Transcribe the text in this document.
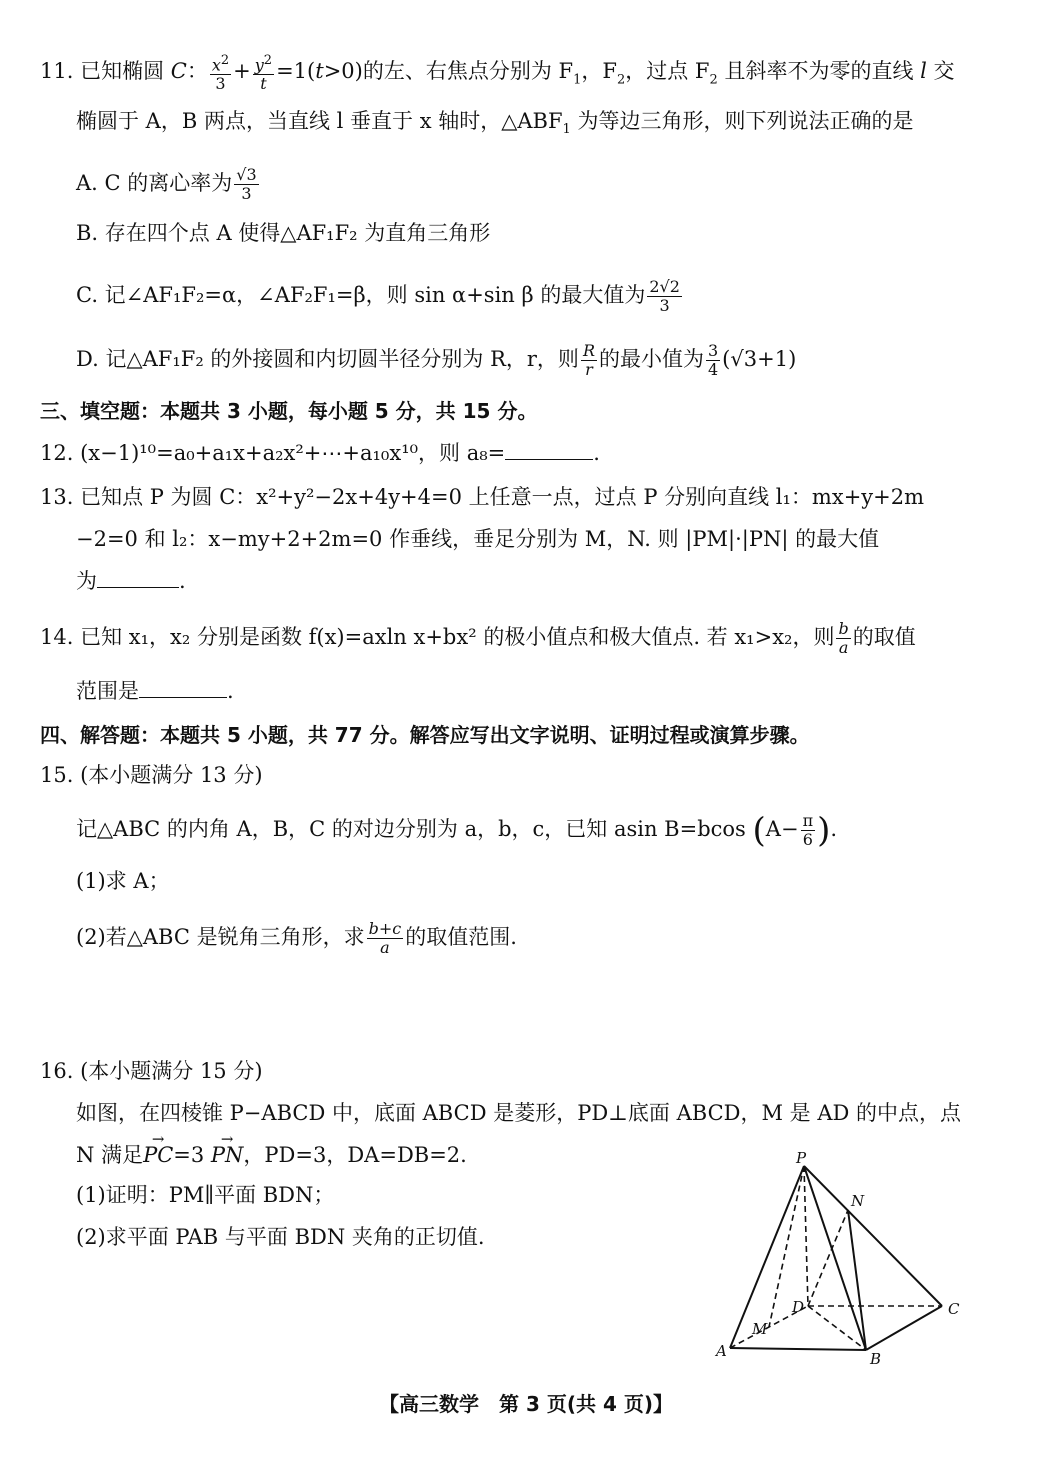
11. 已知椭圆 C： $\frac{x^2}{3} + \frac{y^2}{t} =1(t>0)$的左、右焦点分别为 $F_1$，$F_2$，过点 $F_2$ 且斜率不为零的直线 l 交
椭圆于 A，B 两点，当直线 l 垂直于 x 轴时，$\triangle ABF_1$ 为等边三角形，则下列说法正确的是
A. C 的离心率为 $\frac{√3}{3}$
B. 存在四个点 A 使得△AF₁F₂ 为直角三角形
C. 记∠AF₁F₂=α，∠AF₂F₁=β，则 sin α+sin β 的最大值为 $\frac{2√2}{3}$
D. 记△AF₁F₂ 的外接圆和内切圆半径分别为 R，r，则 $\frac{R}{r}$ 的最小值为 $\frac{3}{4} (√3+1)$
三、填空题：本题共 3 小题，每小题 5 分，共 15 分。
12. (x−1)¹⁰=a₀+a₁x+a₂x²+⋯+a₁₀x¹⁰，则 a₈=	.
13. 已知点 P 为圆 C：x²+y²−2x+4y+4=0 上任意一点，过点 P 分别向直线 l₁：mx+y+2m
−2=0 和 l₂：x−my+2+2m=0 作垂线，垂足分别为 M，N. 则 |PM|·|PN| 的最大值
为	.
14. 已知 x₁，x₂ 分别是函数 f(x)=axln x+bx² 的极小值点和极大值点. 若 x₁>x₂，则 $\frac{b}{a}$ 的取值
范围是	.
四、解答题：本题共 5 小题，共 77 分。解答应写出文字说明、证明过程或演算步骤。
15. (本小题满分 13 分)
记△ABC 的内角 A，B，C 的对边分别为 a，b，c，已知 asin B=bcos ($A- \frac{\pi}{6}$ ).
(1)求 A；
(2)若△ABC 是锐角三角形，求 $\frac{b+c}{a}$ 的取值范围.
16. (本小题满分 15 分)
如图，在四棱锥 P−ABCD 中，底面 ABCD 是菱形，PD⊥底面 ABCD，M 是 AD 的中点，点
N 满足→ PC=3 → PN，PD=3，DA=DB=2.
(1)证明：PM∥平面 BDN；
(2)求平面 PAB 与平面 BDN 夹角的正切值.
P
N
D
M
A	B
C
【高三数学　第 3 页(共 4 页)】
